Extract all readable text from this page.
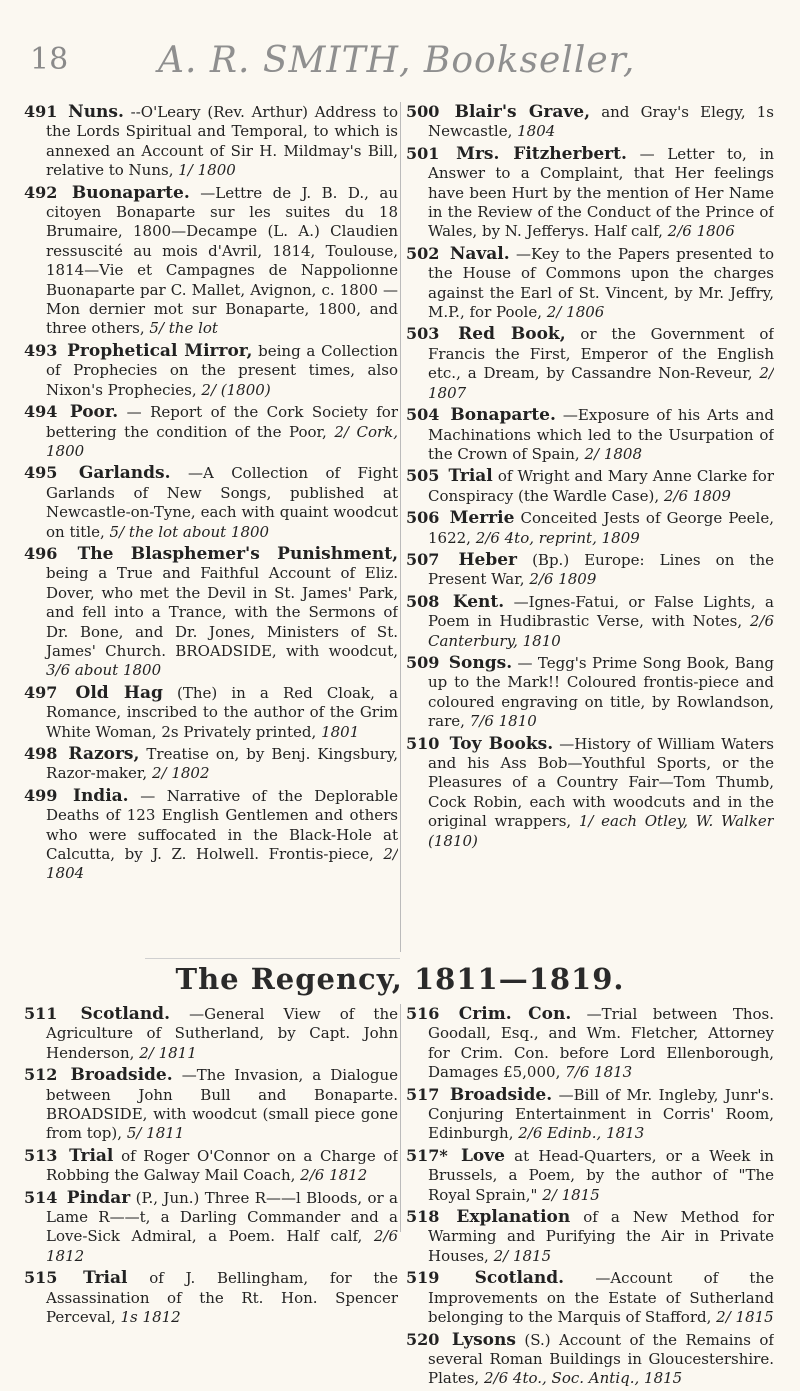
18 A. R. SMITH, Bookseller,
491 Nuns. --O'Leary (Rev. Arthur) Address to the Lords Spiritual and Temporal, to which is annexed an Account of Sir H. Mildmay's Bill, relative to Nuns, 1/ 1800
492 Buonaparte. —Lettre de J. B. D., au citoyen Bonaparte sur les suites du 18 Brumaire, 1800—Decampe (L. A.) Claudien ressuscité au mois d'Avril, 1814, Toulouse, 1814—Vie et Campagnes de Nappolionne Buonaparte par C. Mallet, Avignon, c. 1800 —Mon dernier mot sur Bonaparte, 1800, and three others, 5/ the lot
493 Prophetical Mirror, being a Collection of Prophecies on the present times, also Nixon's Prophecies, 2/ (1800)
494 Poor. — Report of the Cork Society for bettering the condition of the Poor, 2/ Cork, 1800
495 Garlands. —A Collection of Fight Garlands of New Songs, published at Newcastle-on-Tyne, each with quaint woodcut on title, 5/ the lot about 1800
496 The Blasphemer's Punishment, being a True and Faithful Account of Eliz. Dover, who met the Devil in St. James' Park, and fell into a Trance, with the Sermons of Dr. Bone, and Dr. Jones, Ministers of St. James' Church. BROADSIDE, with woodcut, 3/6 about 1800
497 Old Hag (The) in a Red Cloak, a Romance, inscribed to the author of the Grim White Woman, 2s Privately printed, 1801
498 Razors, Treatise on, by Benj. Kingsbury, Razor-maker, 2/ 1802
499 India. — Narrative of the Deplorable Deaths of 123 English Gentlemen and others who were suffocated in the Black-Hole at Calcutta, by J. Z. Holwell. Frontis-piece, 2/ 1804
500 Blair's Grave, and Gray's Elegy, 1s Newcastle, 1804
501 Mrs. Fitzherbert. — Letter to, in Answer to a Complaint, that Her feelings have been Hurt by the mention of Her Name in the Review of the Conduct of the Prince of Wales, by N. Jefferys. Half calf, 2/6 1806
502 Naval. —Key to the Papers presented to the House of Commons upon the charges against the Earl of St. Vincent, by Mr. Jeffry, M.P., for Poole, 2/ 1806
503 Red Book, or the Government of Francis the First, Emperor of the English etc., a Dream, by Cassandre Non-Reveur, 2/ 1807
504 Bonaparte. —Exposure of his Arts and Machinations which led to the Usurpation of the Crown of Spain, 2/ 1808
505 Trial of Wright and Mary Anne Clarke for Conspiracy (the Wardle Case), 2/6 1809
506 Merrie Conceited Jests of George Peele, 1622, 2/6 4to, reprint, 1809
507 Heber (Bp.) Europe: Lines on the Present War, 2/6 1809
508 Kent. —Ignes-Fatui, or False Lights, a Poem in Hudibrastic Verse, with Notes, 2/6 Canterbury, 1810
509 Songs. — Tegg's Prime Song Book, Bang up to the Mark!! Coloured frontis-piece and coloured engraving on title, by Rowlandson, rare, 7/6 1810
510 Toy Books. —History of William Waters and his Ass Bob—Youthful Sports, or the Pleasures of a Country Fair—Tom Thumb, Cock Robin, each with woodcuts and in the original wrappers, 1/ each Otley, W. Walker (1810)
The Regency, 1811—1819.
511 Scotland. —General View of the Agriculture of Sutherland, by Capt. John Henderson, 2/ 1811
512 Broadside. —The Invasion, a Dialogue between John Bull and Bonaparte. BROADSIDE, with woodcut (small piece gone from top), 5/ 1811
513 Trial of Roger O'Connor on a Charge of Robbing the Galway Mail Coach, 2/6 1812
514 Pindar (P., Jun.) Three R——l Bloods, or a Lame R——t, a Darling Commander and a Love-Sick Admiral, a Poem. Half calf, 2/6 1812
515 Trial of J. Bellingham, for the Assassination of the Rt. Hon. Spencer Perceval, 1s 1812
516 Crim. Con. —Trial between Thos. Goodall, Esq., and Wm. Fletcher, Attorney for Crim. Con. before Lord Ellenborough, Damages £5,000, 7/6 1813
517 Broadside. —Bill of Mr. Ingleby, Junr's. Conjuring Entertainment in Corris' Room, Edinburgh, 2/6 Edinb., 1813
517* Love at Head-Quarters, or a Week in Brussels, a Poem, by the author of "The Royal Sprain," 2/ 1815
518 Explanation of a New Method for Warming and Purifying the Air in Private Houses, 2/ 1815
519 Scotland. —Account of the Improvements on the Estate of Sutherland belonging to the Marquis of Stafford, 2/ 1815
520 Lysons (S.) Account of the Remains of several Roman Buildings in Gloucestershire. Plates, 2/6 4to., Soc. Antiq., 1815
